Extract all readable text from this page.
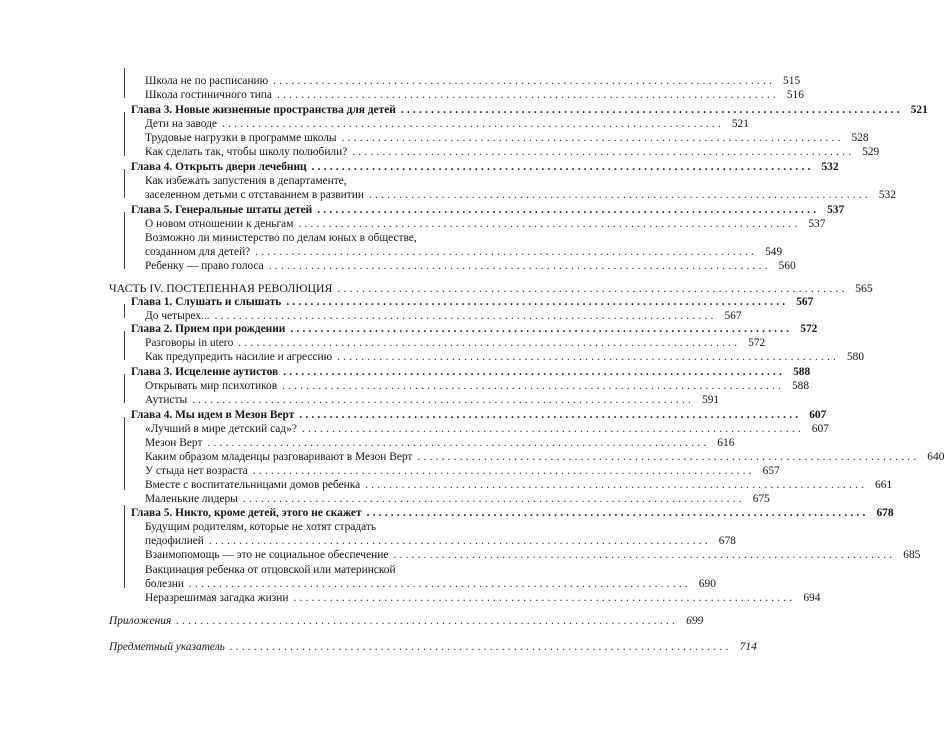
Школа не по расписанию ................................................................................... 515
Школа гостиничного типа ................................................................................... 516
Глава 3. Новые жизненные пространства для детей ................................................................................... 521
Дети на заводе ................................................................................... 521
Трудовые нагрузки в программе школы ................................................................................... 528
Как сделать так, чтобы школу полюбили? ................................................................................... 529
Глава 4. Открыть двери лечебниц ................................................................................... 532
Как избежать запустения в департаменте,
заселенном детьми с отставанием в развитии ................................................................................... 532
Глава 5. Генеральные штаты детей ................................................................................... 537
О новом отношении к деньгам ................................................................................... 537
Возможно ли министерство по делам юных в обществе,
созданном для детей? ................................................................................... 549
Ребенку — право голоса ................................................................................... 560
ЧАСТЬ IV. ПОСТЕПЕННАЯ РЕВОЛЮЦИЯ ................................................................................... 565
Глава 1. Слушать и слышать ................................................................................... 567
До четырех... ................................................................................... 567
Глава 2. Прием при рождении ................................................................................... 572
Разговоры in utero ................................................................................... 572
Как предупредить насилие и агрессию ................................................................................... 580
Глава 3. Исцеление аутистов ................................................................................... 588
Открывать мир психотиков ................................................................................... 588
Аутисты ................................................................................... 591
Глава 4. Мы идем в Мезон Верт ................................................................................... 607
«Лучший в мире детский сад»? ................................................................................... 607
Мезон Верт ................................................................................... 616
Каким образом младенцы разговаривают в Мезон Верт ................................................................................... 640
У стыда нет возраста ................................................................................... 657
Вместе с воспитательницами домов ребенка ................................................................................... 661
Маленькие лидеры ................................................................................... 675
Глава 5. Никто, кроме детей, этого не скажет ................................................................................... 678
Будущим родителям, которые не хотят страдать
педофилией ................................................................................... 678
Взаимопомощь — это не социальное обеспечение ................................................................................... 685
Вакцинация ребенка от отцовской или материнской
болезни ................................................................................... 690
Неразрешимая загадка жизни ................................................................................... 694
Приложения ................................................................................... 699
Предметный указатель ................................................................................... 714
